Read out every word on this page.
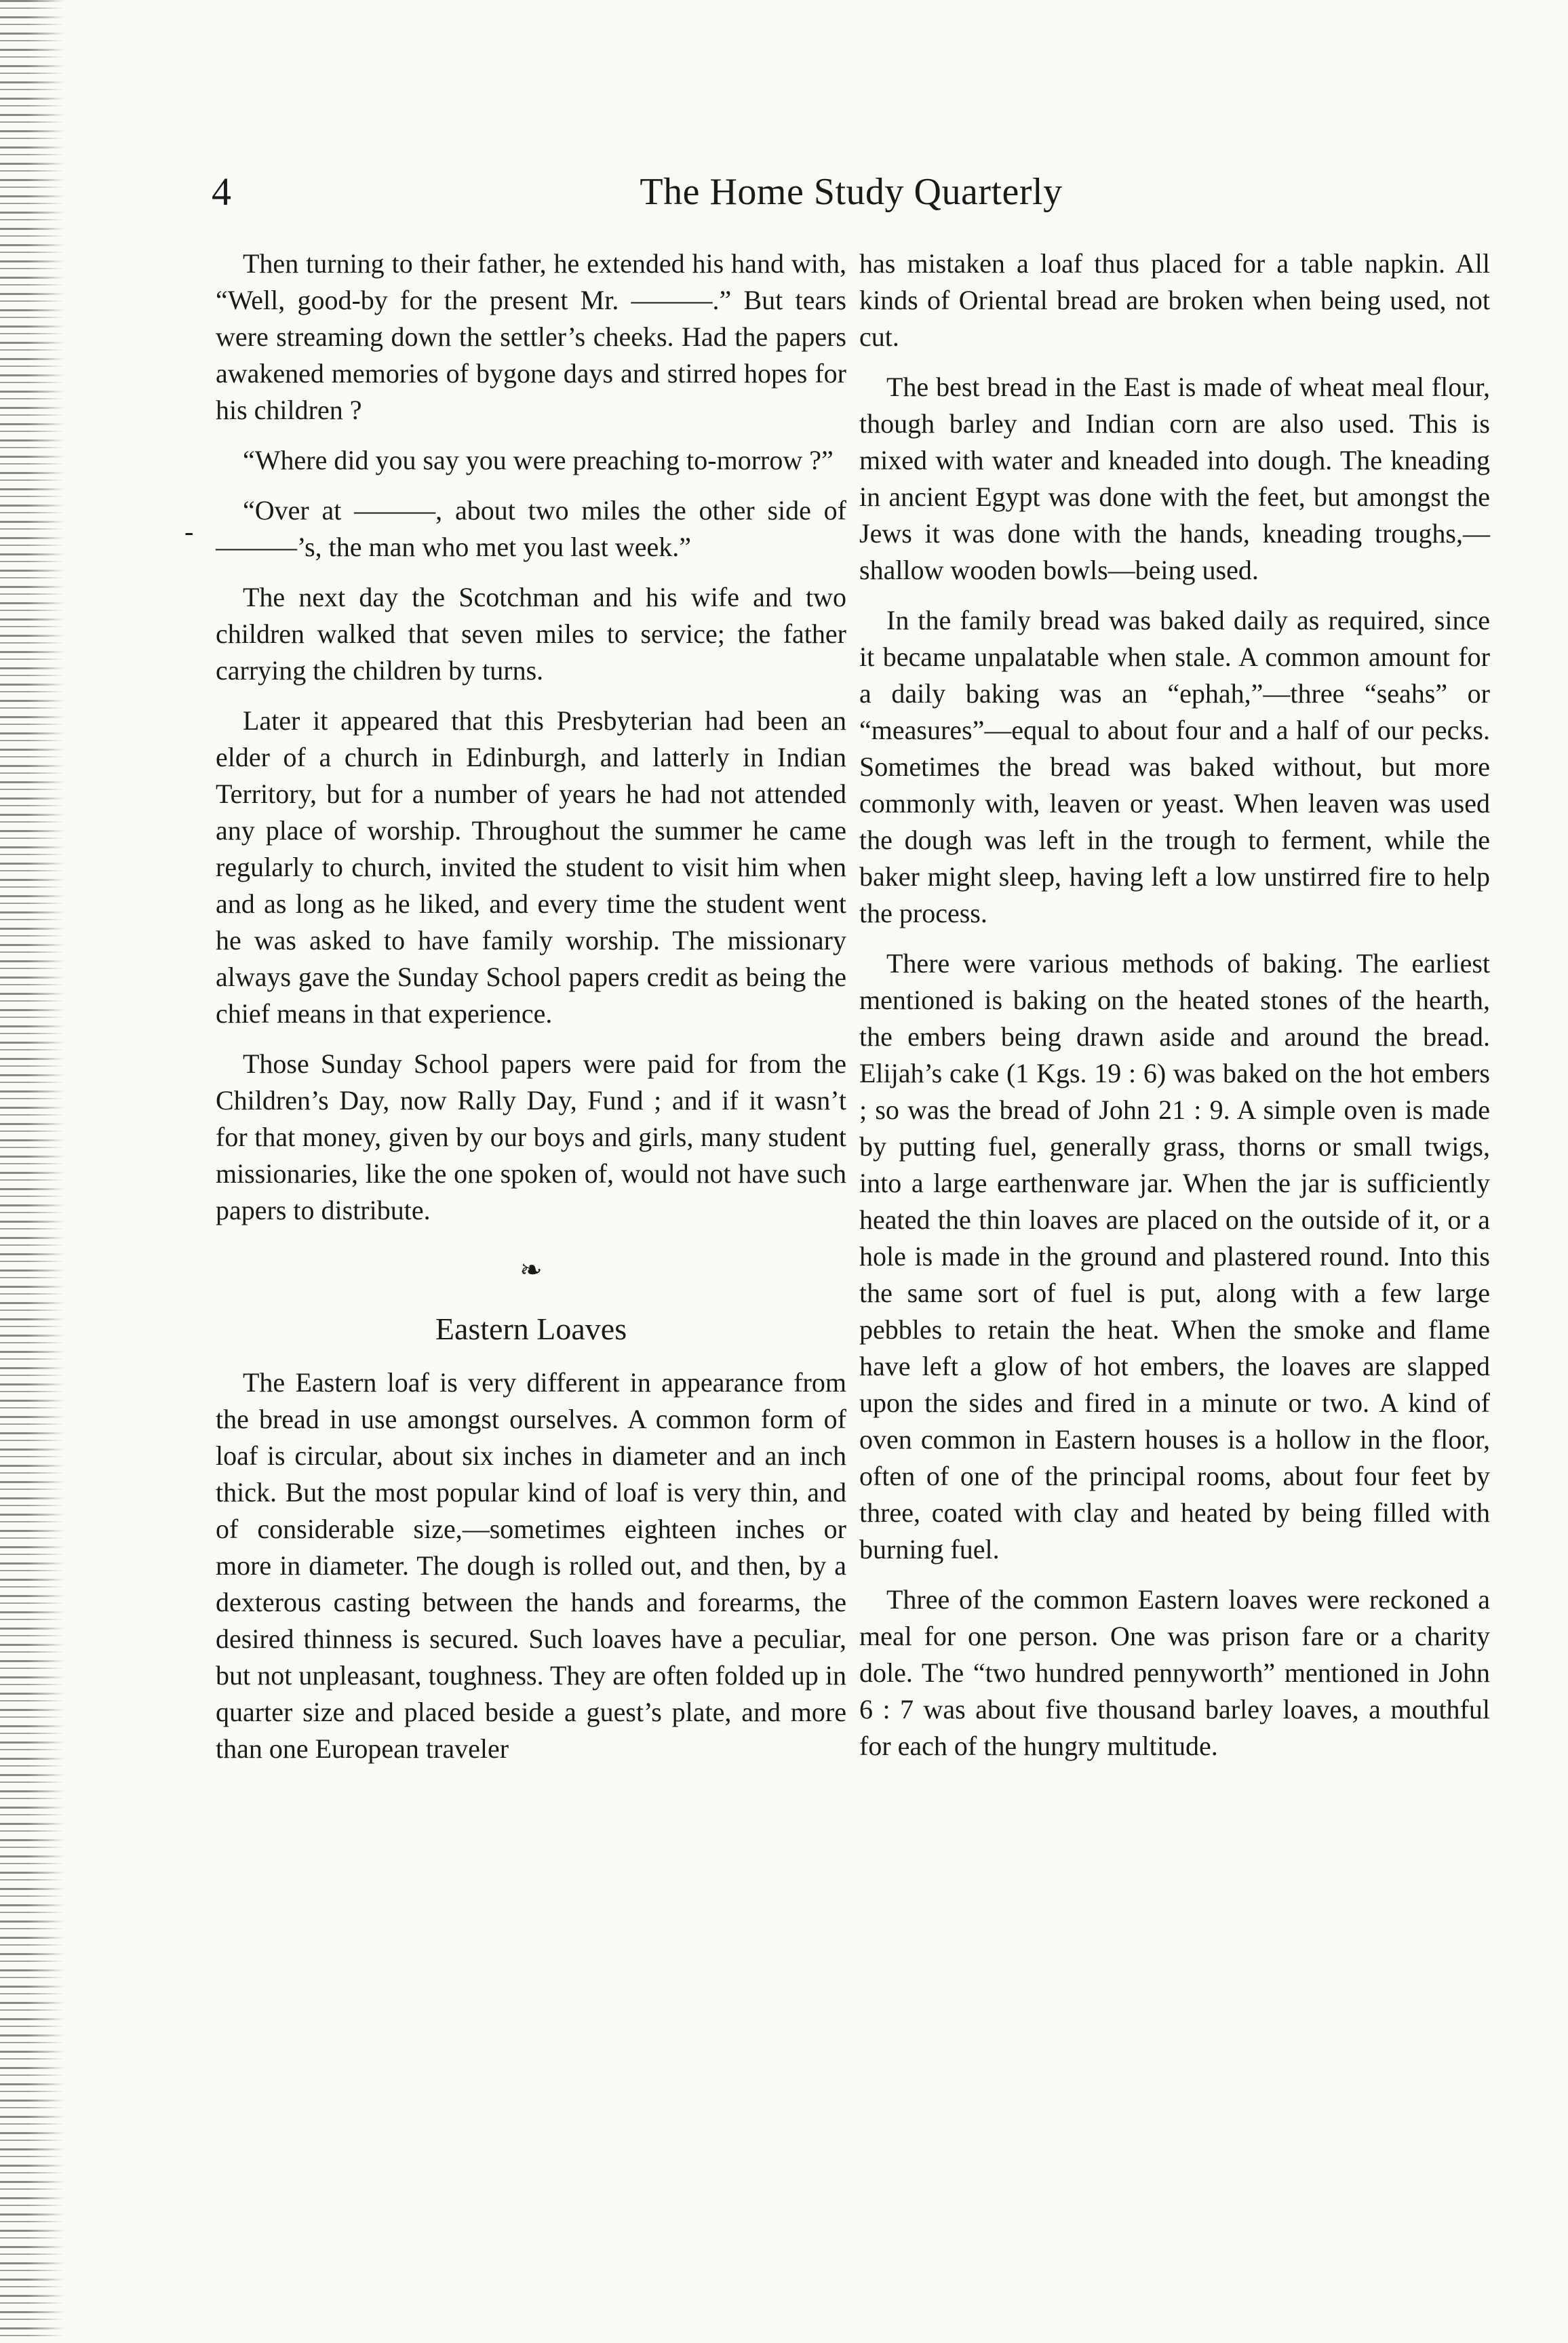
4	The Home Study Quarterly
-

Then turning to their father, he extended his hand with, “Well, good-by for the present Mr. ———.” But tears were streaming down the settler’s cheeks. Had the papers awakened memories of bygone days and stirred hopes for his children ?

“Where did you say you were preaching to-morrow ?”

“Over at ———, about two miles the other side of ———’s, the man who met you last week.”

The next day the Scotchman and his wife and two children walked that seven miles to service; the father carrying the children by turns.

Later it appeared that this Presbyterian had been an elder of a church in Edinburgh, and latterly in Indian Territory, but for a number of years he had not attended any place of worship. Throughout the summer he came regularly to church, invited the student to visit him when and as long as he liked, and every time the student went he was asked to have family worship. The missionary always gave the Sunday School papers credit as being the chief means in that experience.

Those Sunday School papers were paid for from the Children’s Day, now Rally Day, Fund ; and if it wasn’t for that money, given by our boys and girls, many student missionaries, like the one spoken of, would not have such papers to distribute.

❧
Eastern Loaves

The Eastern loaf is very different in appearance from the bread in use amongst ourselves. A common form of loaf is circular, about six inches in diameter and an inch thick. But the most popular kind of loaf is very thin, and of considerable size,—sometimes eighteen inches or more in diameter. The dough is rolled out, and then, by a dexterous casting between the hands and forearms, the desired thinness is secured. Such loaves have a peculiar, but not unpleasant, toughness. They are often folded up in quarter size and placed beside a guest’s plate, and more than one European traveler

has mistaken a loaf thus placed for a table napkin. All kinds of Oriental bread are broken when being used, not cut.

The best bread in the East is made of wheat meal flour, though barley and Indian corn are also used. This is mixed with water and kneaded into dough. The kneading in ancient Egypt was done with the feet, but amongst the Jews it was done with the hands, kneading troughs,—shallow wooden bowls—being used.

In the family bread was baked daily as required, since it became unpalatable when stale. A common amount for a daily baking was an “ephah,”—three “seahs” or “measures”—equal to about four and a half of our pecks. Sometimes the bread was baked without, but more commonly with, leaven or yeast. When leaven was used the dough was left in the trough to ferment, while the baker might sleep, having left a low unstirred fire to help the process.

There were various methods of baking. The earliest mentioned is baking on the heated stones of the hearth, the embers being drawn aside and around the bread. Elijah’s cake (1 Kgs. 19 : 6) was baked on the hot embers ; so was the bread of John 21 : 9. A simple oven is made by putting fuel, generally grass, thorns or small twigs, into a large earthenware jar. When the jar is sufficiently heated the thin loaves are placed on the outside of it, or a hole is made in the ground and plastered round. Into this the same sort of fuel is put, along with a few large pebbles to retain the heat. When the smoke and flame have left a glow of hot embers, the loaves are slapped upon the sides and fired in a minute or two. A kind of oven common in Eastern houses is a hollow in the floor, often of one of the principal rooms, about four feet by three, coated with clay and heated by being filled with burning fuel.

Three of the common Eastern loaves were reckoned a meal for one person. One was prison fare or a charity dole. The “two hundred pennyworth” mentioned in John 6 : 7 was about five thousand barley loaves, a mouthful for each of the hungry multitude.
